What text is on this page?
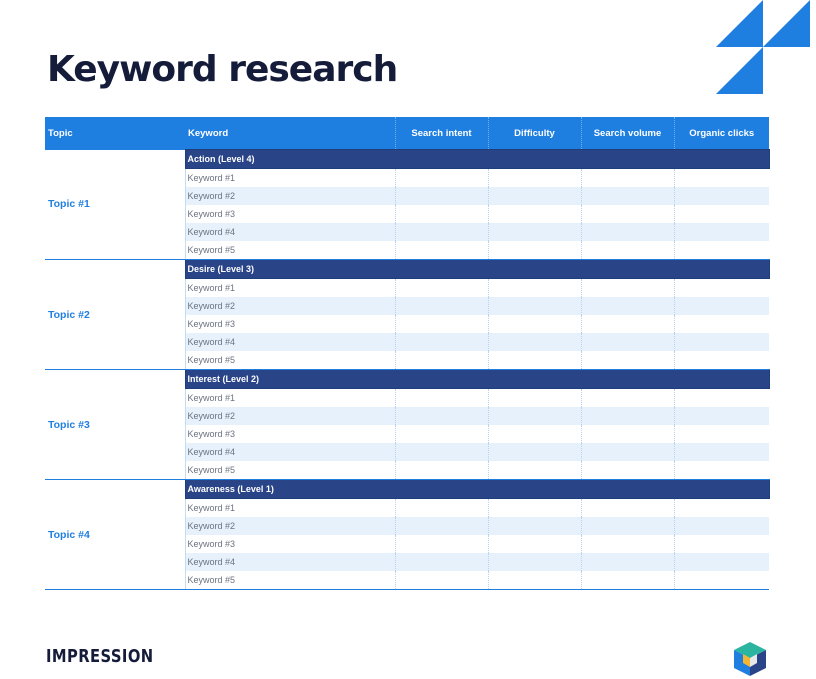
Keyword research
Topic	Keyword	Search intent	Difficulty	Search volume	Organic clicks
Topic #1	Action (Level 4)				
	Keyword #1				
	Keyword #2				
	Keyword #3				
	Keyword #4				
	Keyword #5				
Topic #2	Desire (Level 3)				
	Keyword #1				
	Keyword #2				
	Keyword #3				
	Keyword #4				
	Keyword #5				
Topic #3	Interest (Level 2)				
	Keyword #1				
	Keyword #2				
	Keyword #3				
	Keyword #4				
	Keyword #5				
Topic #4	Awareness (Level 1)				
	Keyword #1				
	Keyword #2				
	Keyword #3				
	Keyword #4				
	Keyword #5				
IMPRESSION
